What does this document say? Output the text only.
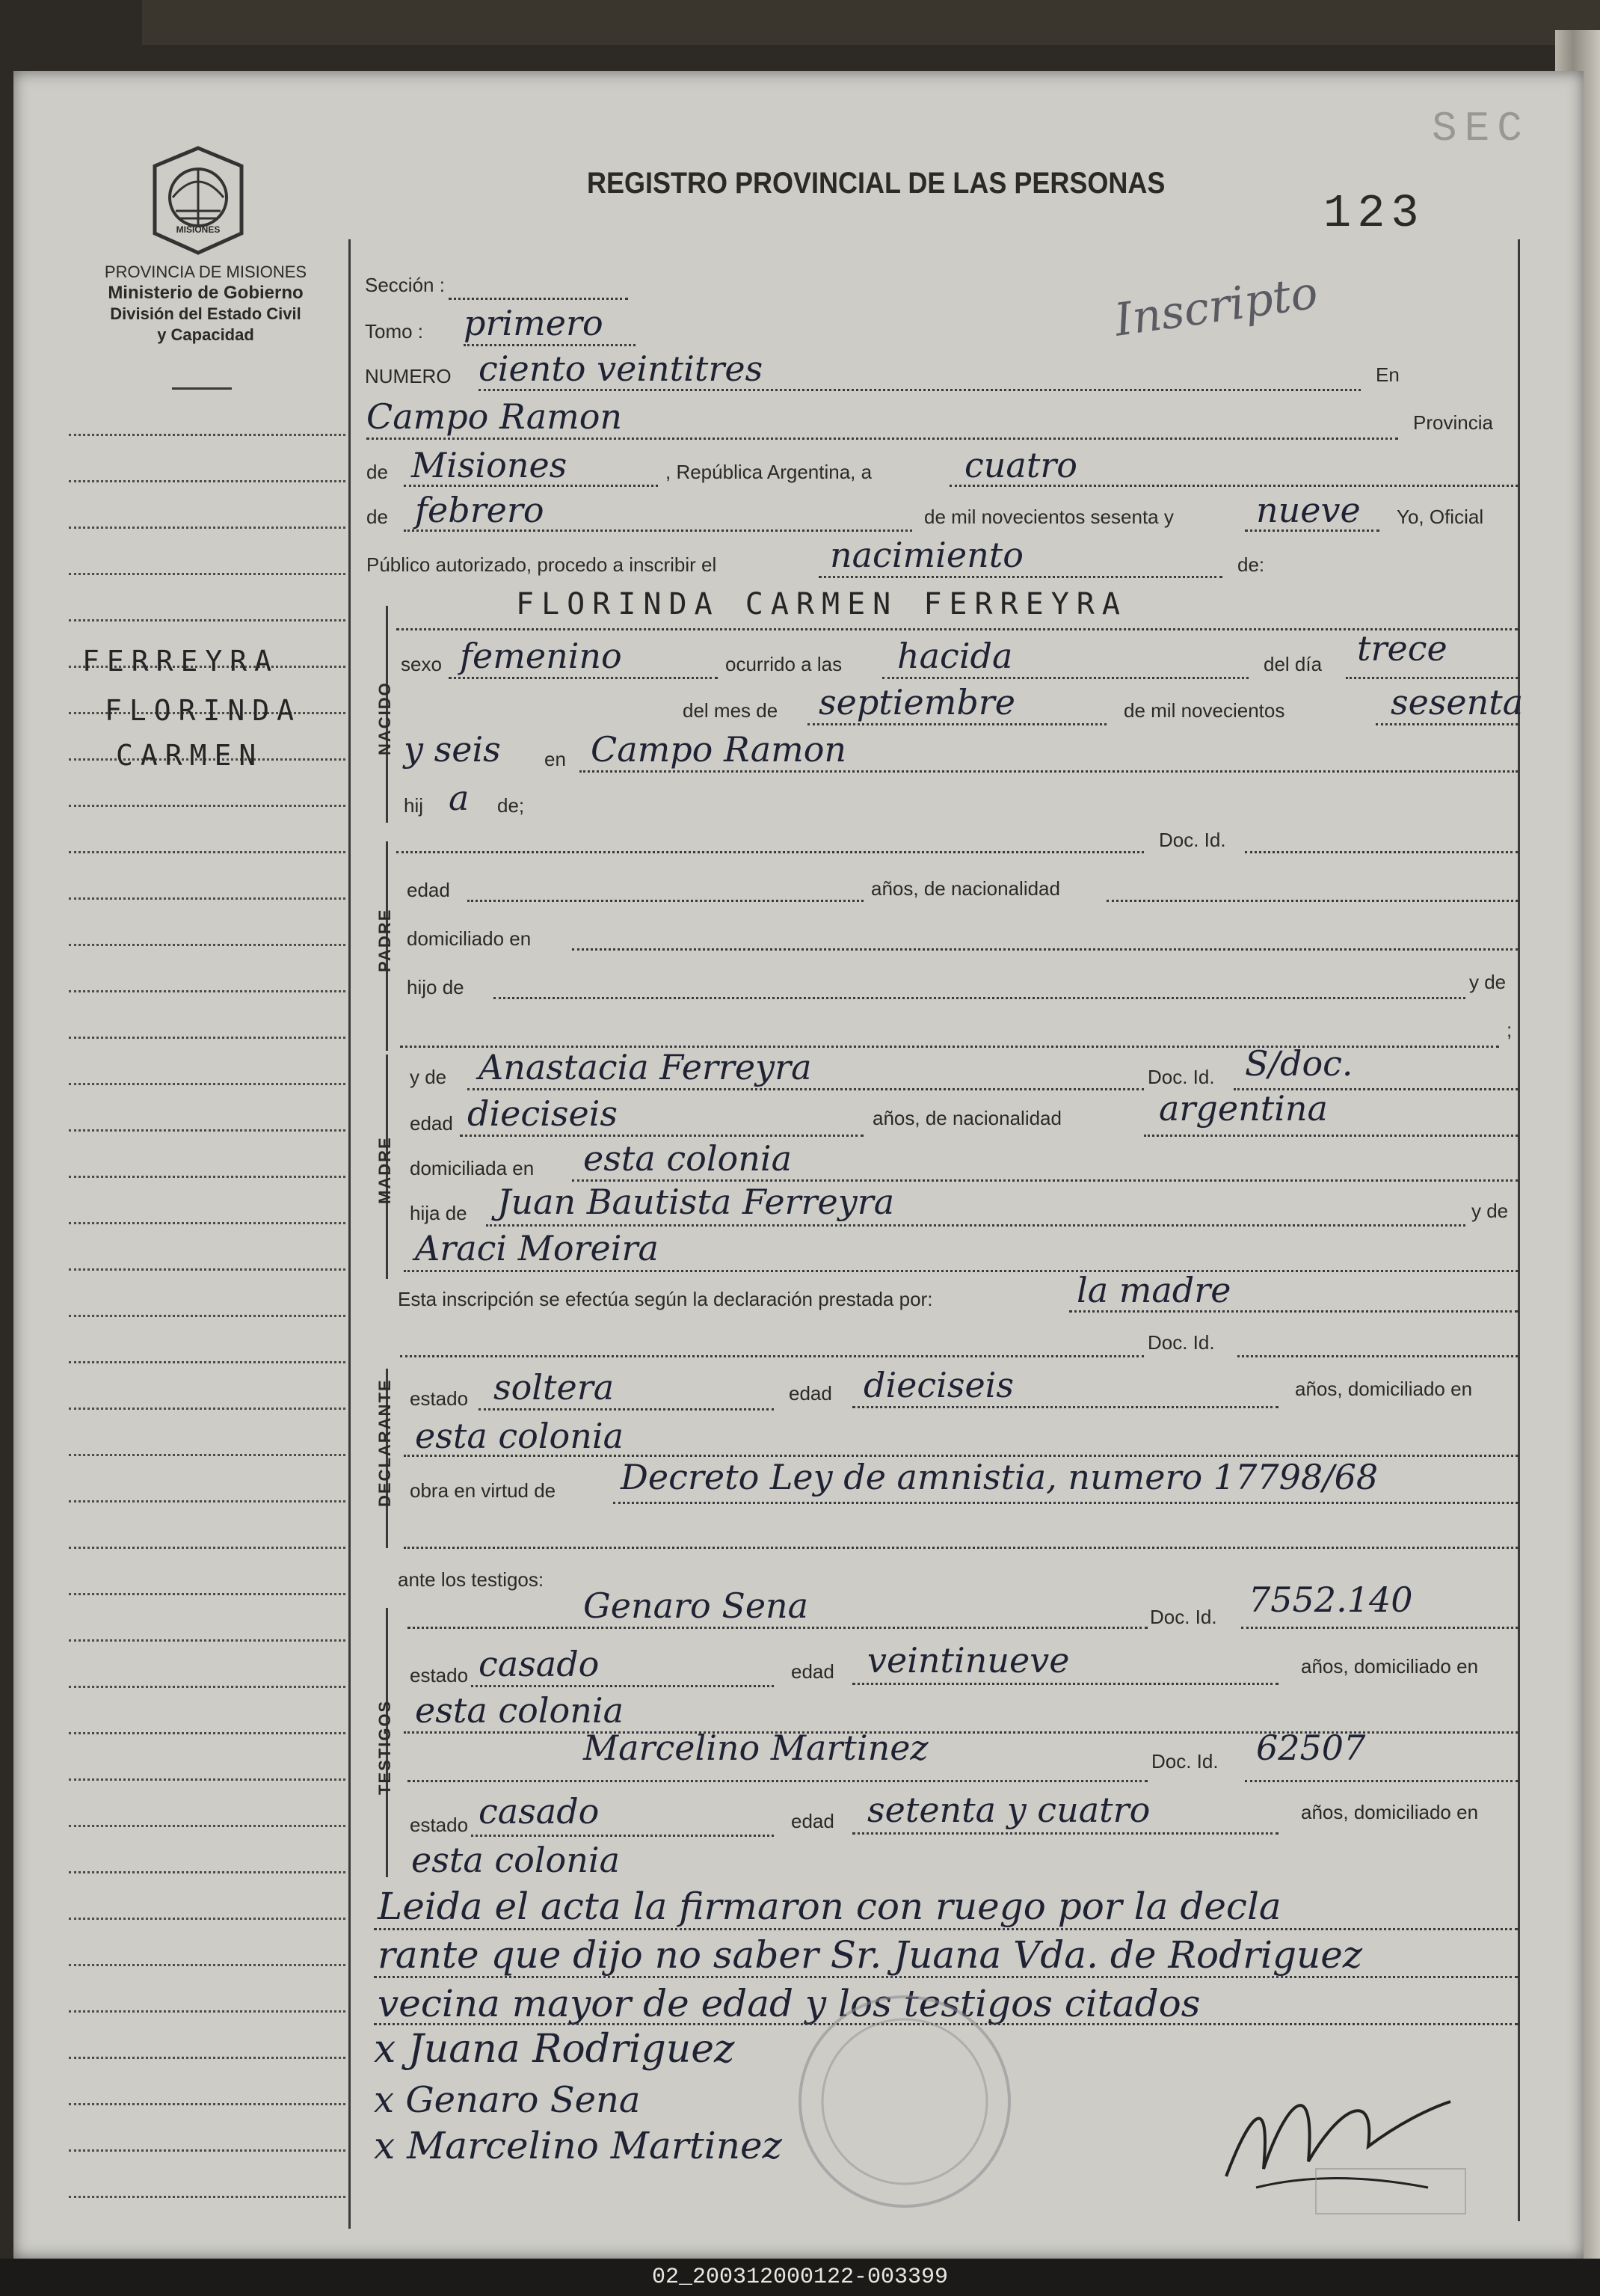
MISIONES
PROVINCIA DE MISIONES
Ministerio de Gobierno
División del Estado Civil
y Capacidad
REGISTRO PROVINCIAL DE LAS PERSONAS
123
SEC
Inscripto
FERREYRA
FLORINDA
CARMEN
Sección :
Tomo : primero
NUMERO ciento veintitres	En
Campo Ramon	Provincia
de Misiones	, República Argentina, a	cuatro
de febrero	de mil novecientos sesenta y nueve Yo, Oficial
Público autorizado, procedo a inscribir el	nacimiento	de:
NACIDO
FLORINDA CARMEN FERREYRA
sexo femenino	ocurrido a las hacida	del día trece
del mes de septiembre	de mil novecientos	sesenta
y seis en Campo Ramon
hij a de;
PADRE
Doc. Id.
edad	años, de nacionalidad
domiciliado en
hijo de	y de
;
MADRE
y de Anastacia Ferreyra	Doc. Id. S/doc.
edad dieciseis	años, de nacionalidad	argentina
domiciliada en esta colonia
hija de Juan Bautista Ferreyra	y de
Araci Moreira
Esta inscripción se efectúa según la declaración prestada por:	la madre
Doc. Id.
DECLARANTE estado soltera	edad dieciseis	años, domiciliado en
esta colonia
obra en virtud de Decreto Ley de amnistia, numero 17798/68
ante los testigos:
TESTIGOS
Genaro Sena	Doc. Id. 7552.140
estado casado	edad veintinueve	años, domiciliado en
esta colonia
Marcelino Martinez	Doc. Id. 62507
estado casado	edad setenta y cuatro	años, domiciliado en
esta colonia
Leida el acta la firmaron con ruego por la decla
rante que dijo no saber Sr. Juana Vda. de Rodriguez
vecina mayor de edad y los testigos citados
x Juana Rodriguez
x Genaro Sena
x Marcelino Martinez
02_200312000122-003399
